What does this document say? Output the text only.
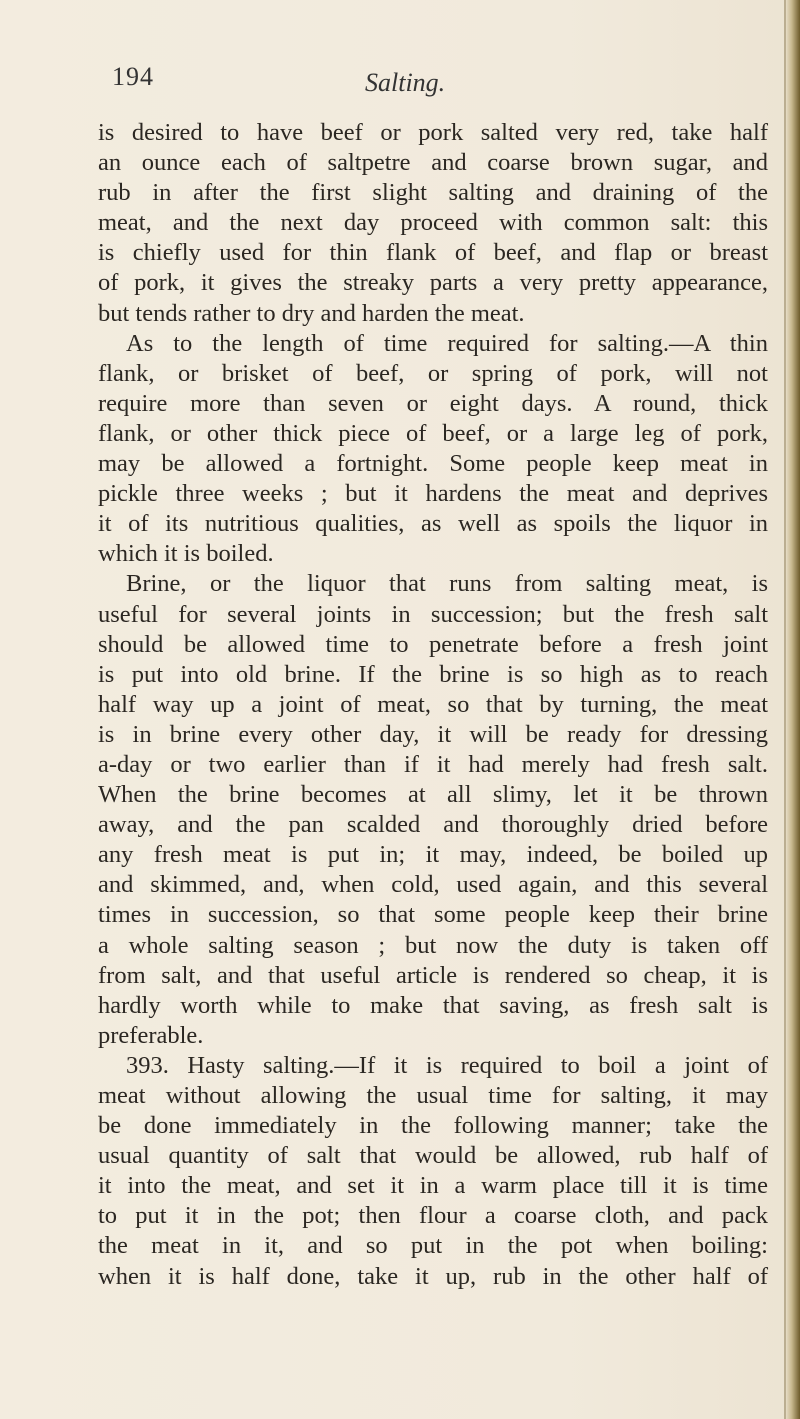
194	Salting.
is desired to have beef or pork salted very red, take half
an ounce each of saltpetre and coarse brown sugar, and
rub in after the first slight salting and draining of the
meat, and the next day proceed with common salt: this
is chiefly used for thin flank of beef, and flap or breast
of pork, it gives the streaky parts a very pretty appearance,
but tends rather to dry and harden the meat.
As to the length of time required for salting.—A thin
flank, or brisket of beef, or spring of pork, will not
require more than seven or eight days. A round, thick
flank, or other thick piece of beef, or a large leg of pork,
may be allowed a fortnight. Some people keep meat in
pickle three weeks ; but it hardens the meat and deprives
it of its nutritious qualities, as well as spoils the liquor in
which it is boiled.
Brine, or the liquor that runs from salting meat, is
useful for several joints in succession; but the fresh salt
should be allowed time to penetrate before a fresh joint
is put into old brine. If the brine is so high as to reach
half way up a joint of meat, so that by turning, the meat
is in brine every other day, it will be ready for dressing
a-day or two earlier than if it had merely had fresh salt.
When the brine becomes at all slimy, let it be thrown
away, and the pan scalded and thoroughly dried before
any fresh meat is put in; it may, indeed, be boiled up
and skimmed, and, when cold, used again, and this several
times in succession, so that some people keep their brine
a whole salting season ; but now the duty is taken off
from salt, and that useful article is rendered so cheap, it is
hardly worth while to make that saving, as fresh salt is
preferable.
393. Hasty salting.—If it is required to boil a joint of
meat without allowing the usual time for salting, it may
be done immediately in the following manner; take the
usual quantity of salt that would be allowed, rub half of
it into the meat, and set it in a warm place till it is time
to put it in the pot; then flour a coarse cloth, and pack
the meat in it, and so put in the pot when boiling:
when it is half done, take it up, rub in the other half of
